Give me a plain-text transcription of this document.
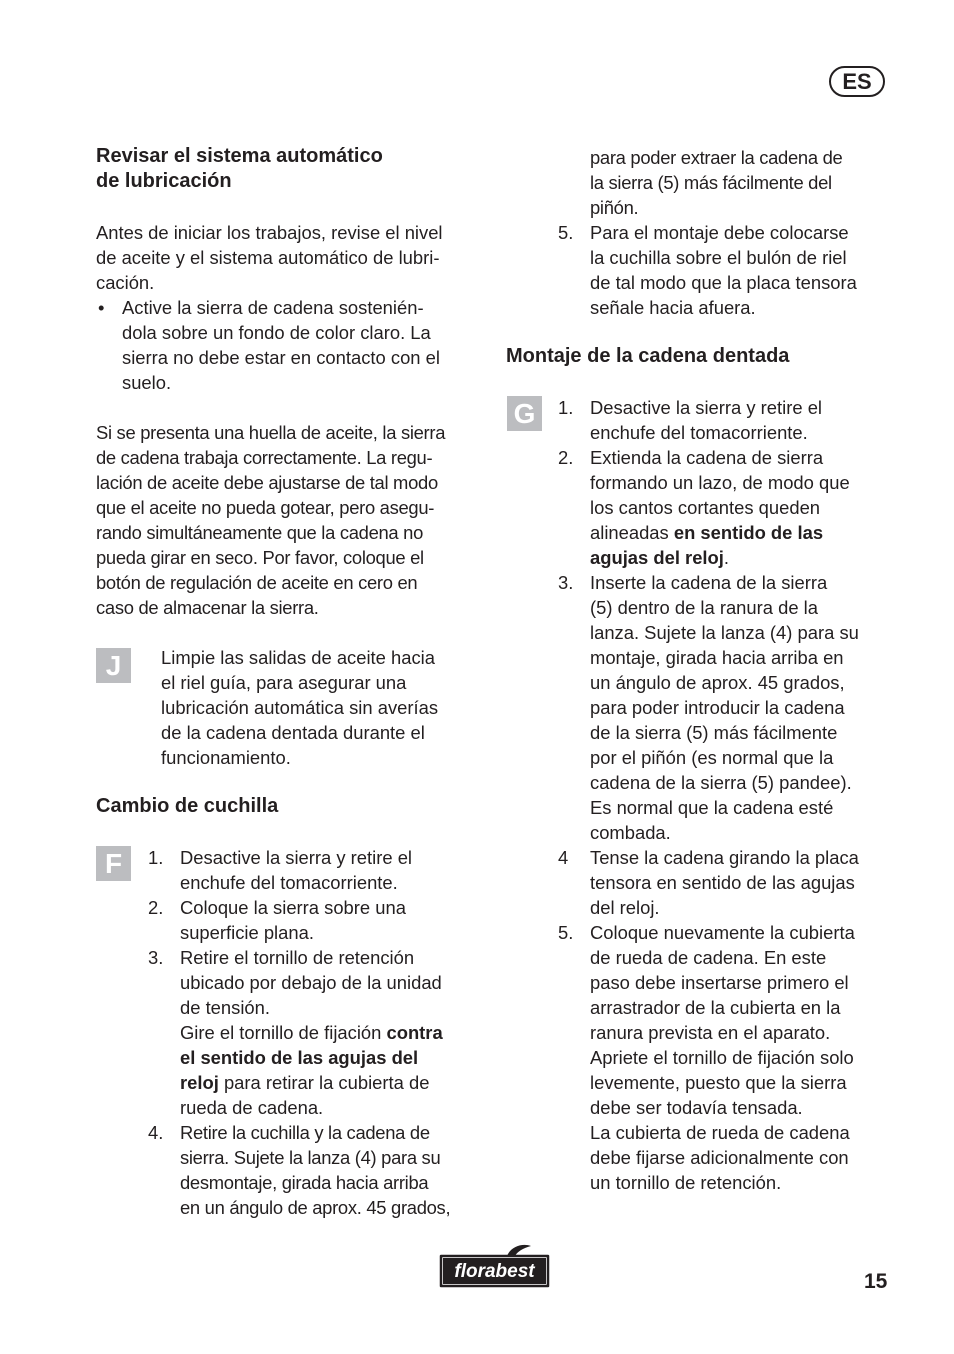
ES
Revisar el sistema automático
de lubricación
Antes de iniciar los trabajos, revise el nivel
de aceite y el sistema automático de lubri-
cación.
• Active la sierra de cadena sostenién-
dola sobre un fondo de color claro. La
sierra no debe estar en contacto con el
suelo.
Si se presenta una huella de aceite, la sierra
de cadena trabaja correctamente. La regu-
lación de aceite debe ajustarse de tal modo
que el aceite no pueda gotear, pero asegu-
rando simultáneamente que la cadena no
pueda girar en seco. Por favor, coloque el
botón de regulación de aceite en cero en
caso de almacenar la sierra.
J	Limpie las salidas de aceite hacia
el riel guía, para asegurar una
lubricación automática sin averías
de la cadena dentada durante el
funcionamiento.
Cambio de cuchilla
F	1. Desactive la sierra y retire el
enchufe del tomacorriente.
2. Coloque la sierra sobre una
superficie plana.
3. Retire el tornillo de retención
ubicado por debajo de la unidad
de tensión.
Gire el tornillo de fijación contra
el sentido de las agujas del
reloj para retirar la cubierta de
rueda de cadena.
4. Retire la cuchilla y la cadena de
sierra. Sujete la lanza (4) para su
desmontaje, girada hacia arriba
en un ángulo de aprox. 45 grados,
para poder extraer la cadena de
la sierra (5) más fácilmente del
piñón.
5. Para el montaje debe colocarse
la cuchilla sobre el bulón de riel
de tal modo que la placa tensora
señale hacia afuera.
Montaje de la cadena dentada
G	1. Desactive la sierra y retire el
enchufe del tomacorriente.
2. Extienda la cadena de sierra
formando un lazo, de modo que
los cantos cortantes queden
alineadas en sentido de las
agujas del reloj.
3. Inserte la cadena de la sierra
(5) dentro de la ranura de la
lanza. Sujete la lanza (4) para su
montaje, girada hacia arriba en
un ángulo de aprox. 45 grados,
para poder introducir la cadena
de la sierra (5) más fácilmente
por el piñón (es normal que la
cadena de la sierra (5) pandee).
Es normal que la cadena esté
combada.
4 Tense la cadena girando la placa
tensora en sentido de las agujas
del reloj.
5. Coloque nuevamente la cubierta
de rueda de cadena. En este
paso debe insertarse primero el
arrastrador de la cubierta en la
ranura prevista en el aparato.
Apriete el tornillo de fijación solo
levemente, puesto que la sierra
debe ser todavía tensada.
La cubierta de rueda de cadena
debe fijarse adicionalmente con
un tornillo de retención.
florabest	15
